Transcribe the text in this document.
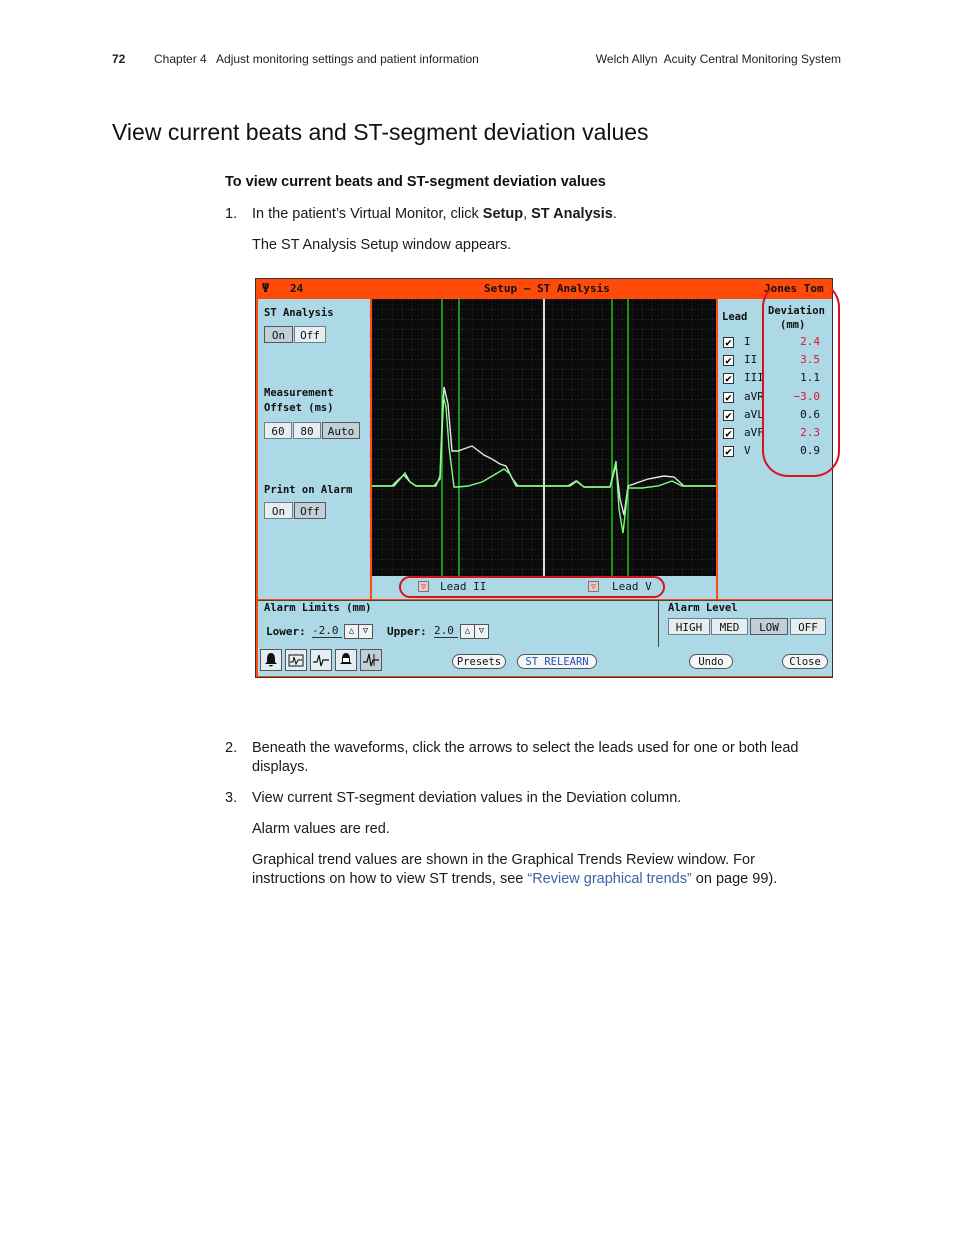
72 Chapter 4   Adjust monitoring settings and patient information	Welch Allyn  Acuity Central Monitoring System
View current beats and ST-segment deviation values
To view current beats and ST-segment deviation values
1. In the patient’s Virtual Monitor, click Setup, ST Analysis.
The ST Analysis Setup window appears.
Ψ 24	Setup – ST Analysis	Jones Tom
ST Analysis
On	Off
Measurement
Offset (ms)
60	80	Auto
Print on Alarm
On	Off
▽ Lead II	▽ Lead V
Lead Deviation
(mm)
✔ I	2.4
✔ II	3.5
✔ III	1.1
✔ aVR	−3.0
✔ aVL	0.6
✔ aVF	2.3
✔ V	0.9
Alarm Limits (mm)
Lower: -2.0	△ ▽	Upper: 2.0	△ ▽
Alarm Level
HIGH	MED	LOW	OFF
Presets	ST RELEARN	Undo	Close
2. Beneath the waveforms, click the arrows to select the leads used for one or both lead
displays.
3. View current ST-segment deviation values in the Deviation column.
Alarm values are red.
Graphical trend values are shown in the Graphical Trends Review window. For
instructions on how to view ST trends, see “Review graphical trends” on page 99).
